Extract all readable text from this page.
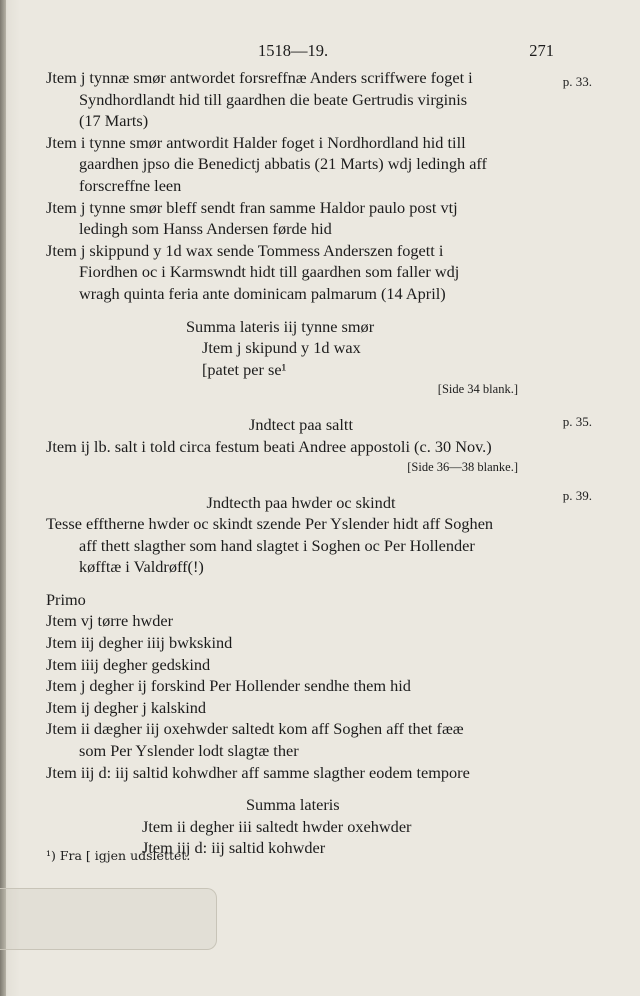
1518—19.	271
Jtem j tynnæ smør antwordet forsreffnæ Anders scriffwere foget i
Syndhordlandt hid till gaardhen die beate Gertrudis virginis
(17 Marts)
Jtem i tynne smør antwordit Halder foget i Nordhordland hid till
gaardhen jpso die Benedictj abbatis (21 Marts) wdj ledingh aff
forscreffne leen
Jtem j tynne smør bleff sendt fran samme Haldor paulo post vtj
ledingh som Hanss Andersen førde hid
Jtem j skippund y 1d wax sende Tommess Anderszen fogett i
Fiordhen oc i Karmswndt hidt till gaardhen som faller wdj
wragh quinta feria ante dominicam palmarum (14 April)
Summa lateris iij tynne smør
Jtem j skipund y 1d wax
[patet per se¹
[Side 34 blank.]
Jndtect paa saltt
Jtem ij lb. salt i told circa festum beati Andree appostoli (c. 30 Nov.)
[Side 36—38 blanke.]
Jndtecth paa hwder oc skindt
Tesse efftherne hwder oc skindt szende Per Yslender hidt aff Soghen
aff thett slagther som hand slagtet i Soghen oc Per Hollender
køfftæ i Valdrøff(!)
Primo
Jtem vj tørre hwder
Jtem iij degher iiij bwkskind
Jtem iiij degher gedskind
Jtem j degher ij forskind Per Hollender sendhe them hid
Jtem ij degher j kalskind
Jtem ii dægher iij oxehwder saltedt kom aff Soghen aff thet fææ
som Per Yslender lodt slagtæ ther
Jtem iij d: iij saltid kohwdher aff samme slagther eodem tempore
Summa lateris
Jtem ii degher iii saltedt hwder oxehwder
Jtem iij d: iij saltid kohwder
p. 33.
p. 35.
p. 39.
¹) Fra [ igjen udslettet.
